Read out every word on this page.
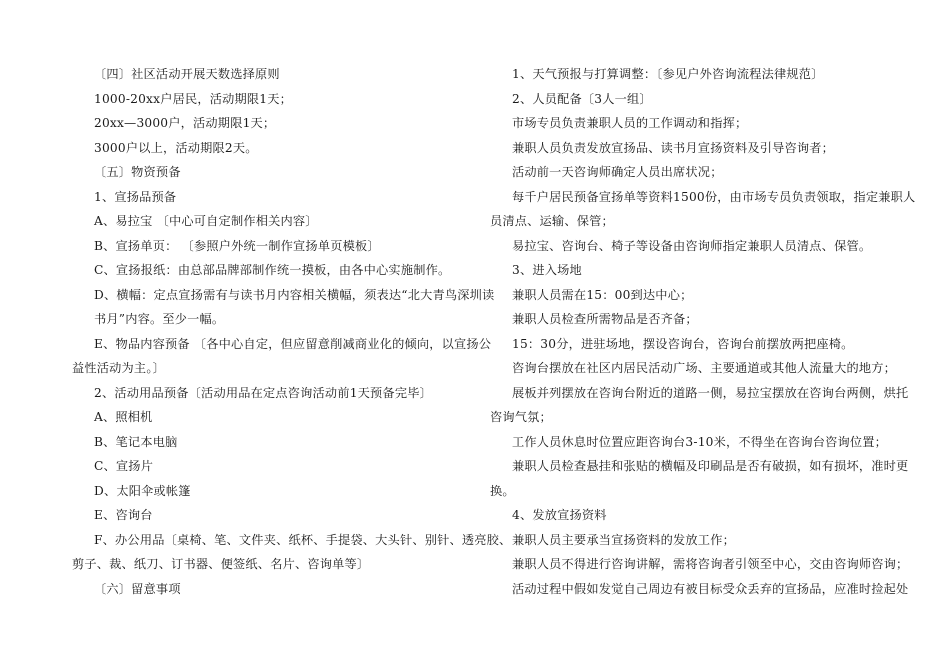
〔四〕社区活动开展天数选择原则
1000-20xx户居民，活动期限1天；
20xx—3000户，活动期限1天；
3000户以上，活动期限2天。
〔五〕物资预备
1、宣扬品预备
A、易拉宝 〔中心可自定制作相关内容〕
B、宣扬单页： 〔参照户外统一制作宣扬单页模板〕
C、宣扬报纸：由总部品牌部制作统一摸板，由各中心实施制作。
D、横幅：定点宣扬需有与读书月内容相关横幅，须表达“北大青鸟深圳读
书月”内容。至少一幅。
E、物品内容预备 〔各中心自定，但应留意削减商业化的倾向，以宣扬公
益性活动为主。〕
2、活动用品预备〔活动用品在定点咨询活动前1天预备完毕〕
A、照相机
B、笔记本电脑
C、宣扬片
D、太阳伞或帐篷
E、咨询台
F、办公用品〔桌椅、笔、文件夹、纸杯、手提袋、大头针、别针、透亮胶、
剪子、裁、纸刀、订书器、便签纸、名片、咨询单等〕
〔六〕留意事项
1、天气预报与打算调整：〔参见户外咨询流程法律规范〕
2、人员配备〔3人一组〕
市场专员负责兼职人员的工作调动和指挥；
兼职人员负责发放宣扬品、读书月宣扬资料及引导咨询者；
活动前一天咨询师确定人员出席状况；
每千户居民预备宣扬单等资料1500份，由市场专员负责领取，指定兼职人
员清点、运输、保管；
易拉宝、咨询台、椅子等设备由咨询师指定兼职人员清点、保管。
3、进入场地
兼职人员需在15：00到达中心；
兼职人员检查所需物品是否齐备；
15：30分，进驻场地，摆设咨询台，咨询台前摆放两把座椅。
咨询台摆放在社区内居民活动广场、主要通道或其他人流量大的地方；
展板并列摆放在咨询台附近的道路一侧，易拉宝摆放在咨询台两侧，烘托
咨询气氛；
工作人员休息时位置应距咨询台3-10米，不得坐在咨询台咨询位置；
兼职人员检查悬挂和张贴的横幅及印刷品是否有破损，如有损坏，准时更
换。
4、发放宣扬资料
兼职人员主要承当宣扬资料的发放工作；
兼职人员不得进行咨询讲解，需将咨询者引领至中心，交由咨询师咨询；
活动过程中假如发觉自己周边有被目标受众丢弃的宣扬品，应准时捡起处
